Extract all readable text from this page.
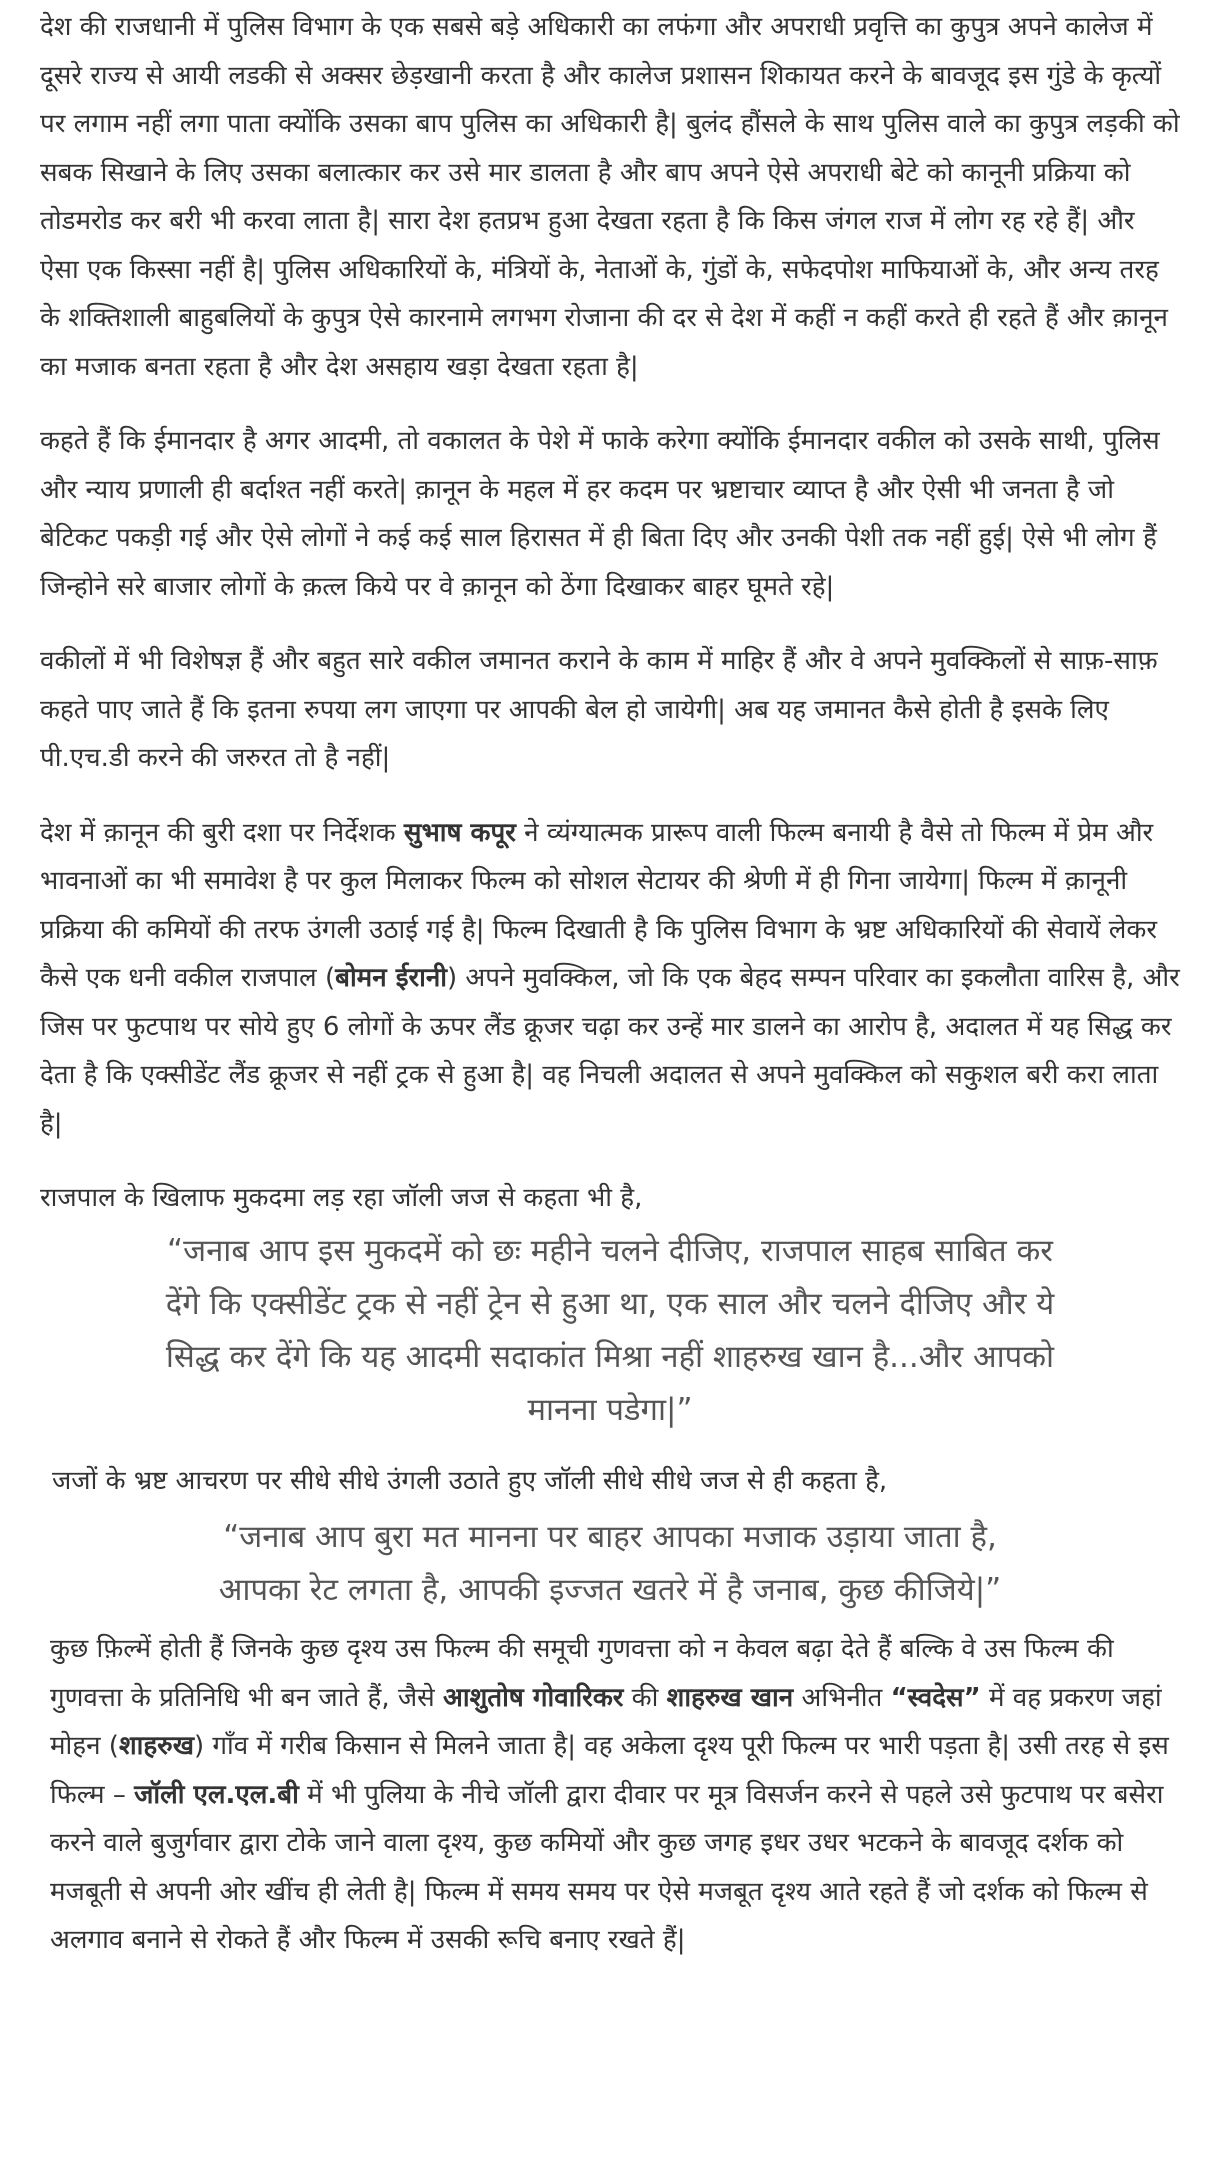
देश की राजधानी में पुलिस विभाग के एक सबसे बड़े अधिकारी का लफंगा और अपराधी प्रवृत्ति का कुपुत्र अपने कालेज में दूसरे राज्य से आयी लडकी से अक्सर छेड़खानी करता है और कालेज प्रशासन शिकायत करने के बावजूद इस गुंडे के कृत्यों पर लगाम नहीं लगा पाता क्योंकि उसका बाप पुलिस का अधिकारी है| बुलंद हौंसले के साथ पुलिस वाले का कुपुत्र लड़की को सबक सिखाने के लिए उसका बलात्कार कर उसे मार डालता है और बाप अपने ऐसे अपराधी बेटे को कानूनी प्रक्रिया को तोडमरोड कर बरी भी करवा लाता है| सारा देश हतप्रभ हुआ देखता रहता है कि किस जंगल राज में लोग रह रहे हैं| और ऐसा एक किस्सा नहीं है| पुलिस अधिकारियों के, मंत्रियों के, नेताओं के, गुंडों के, सफेदपोश माफियाओं के, और अन्य तरह के शक्तिशाली बाहुबलियों के कुपुत्र ऐसे कारनामे लगभग रोजाना की दर से देश में कहीं न कहीं करते ही रहते हैं और क़ानून का मजाक बनता रहता है और देश असहाय खड़ा देखता रहता है|

कहते हैं कि ईमानदार है अगर आदमी, तो वकालत के पेशे में फाके करेगा क्योंकि ईमानदार वकील को उसके साथी, पुलिस और न्याय प्रणाली ही बर्दाश्त नहीं करते| क़ानून के महल में हर कदम पर भ्रष्टाचार व्याप्त है और ऐसी भी जनता है जो बेटिकट पकड़ी गई और ऐसे लोगों ने कई कई साल हिरासत में ही बिता दिए और उनकी पेशी तक नहीं हुई| ऐसे भी लोग हैं जिन्होने सरे बाजार लोगों के क़त्ल किये पर वे क़ानून को ठेंगा दिखाकर बाहर घूमते रहे|

वकीलों में भी विशेषज्ञ हैं और बहुत सारे वकील जमानत कराने के काम में माहिर हैं और वे अपने मुवक्किलों से साफ़-साफ़ कहते पाए जाते हैं कि इतना रुपया लग जाएगा पर आपकी बेल हो जायेगी| अब यह जमानत कैसे होती है इसके लिए पी.एच.डी करने की जरुरत तो है नहीं|

देश में क़ानून की बुरी दशा पर निर्देशक सुभाष कपूर ने व्यंग्यात्मक प्रारूप वाली फिल्म बनायी है वैसे तो फिल्म में प्रेम और भावनाओं का भी समावेश है पर कुल मिलाकर फिल्म को सोशल सेटायर की श्रेणी में ही गिना जायेगा| फिल्म में क़ानूनी प्रक्रिया की कमियों की तरफ उंगली उठाई गई है| फिल्म दिखाती है कि पुलिस विभाग के भ्रष्ट अधिकारियों की सेवायें लेकर कैसे एक धनी वकील राजपाल (बोमन ईरानी) अपने मुवक्किल, जो कि एक बेहद सम्पन परिवार का इकलौता वारिस है, और जिस पर फुटपाथ पर सोये हुए 6 लोगों के ऊपर लैंड क्रूजर चढ़ा कर उन्हें मार डालने का आरोप है, अदालत में यह सिद्ध कर देता है कि एक्सीडेंट लैंड क्रूजर से नहीं ट्रक से हुआ है| वह निचली अदालत से अपने मुवक्किल को सकुशल बरी करा लाता है|

राजपाल के खिलाफ मुकदमा लड़ रहा जॉली जज से कहता भी है,

“जनाब आप इस मुकदमें को छः महीने चलने दीजिए, राजपाल साहब साबित कर देंगे कि एक्सीडेंट ट्रक से नहीं ट्रेन से हुआ था, एक साल और चलने दीजिए और ये सिद्ध कर देंगे कि यह आदमी सदाकांत मिश्रा नहीं शाहरुख खान है...और आपको मानना पडेगा|”

जजों के भ्रष्ट आचरण पर सीधे सीधे उंगली उठाते हुए जॉली सीधे सीधे जज से ही कहता है,

“जनाब आप बुरा मत मानना पर बाहर आपका मजाक उड़ाया जाता है, आपका रेट लगता है, आपकी इज्जत खतरे में है जनाब, कुछ कीजिये|”

कुछ फ़िल्में होती हैं जिनके कुछ दृश्य उस फिल्म की समूची गुणवत्ता को न केवल बढ़ा देते हैं बल्कि वे उस फिल्म की गुणवत्ता के प्रतिनिधि भी बन जाते हैं, जैसे आशुतोष गोवारिकर की शाहरुख खान अभिनीत “स्वदेस” में वह प्रकरण जहां मोहन (शाहरुख) गाँव में गरीब किसान से मिलने जाता है| वह अकेला दृश्य पूरी फिल्म पर भारी पड़ता है| उसी तरह से इस फिल्म – जॉली एल.एल.बी में भी पुलिया के नीचे जॉली द्वारा दीवार पर मूत्र विसर्जन करने से पहले उसे फुटपाथ पर बसेरा करने वाले बुजुर्गवार द्वारा टोके जाने वाला दृश्य, कुछ कमियों और कुछ जगह इधर उधर भटकने के बावजूद दर्शक को मजबूती से अपनी ओर खींच ही लेती है| फिल्म में समय समय पर ऐसे मजबूत दृश्य आते रहते हैं जो दर्शक को फिल्म से अलगाव बनाने से रोकते हैं और फिल्म में उसकी रूचि बनाए रखते हैं|
